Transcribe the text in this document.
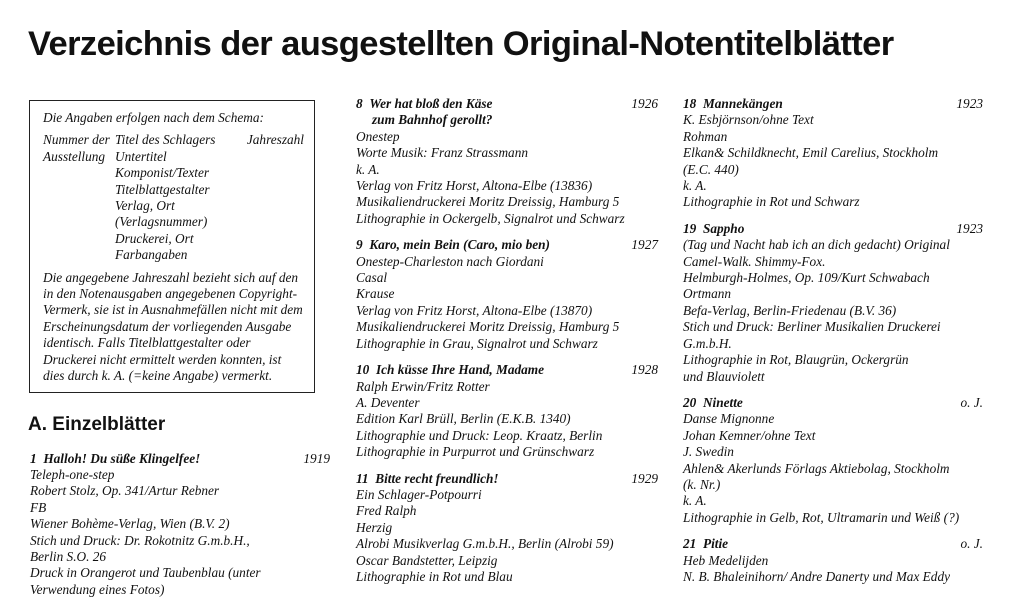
Verzeichnis der ausgestellten Original-Notentitelblätter
Die Angaben erfolgen nach dem Schema:
Nummer der
Ausstellung
Titel des Schlagers
Untertitel
Komponist/Texter
Titelblattgestalter
Verlag, Ort (Verlagsnummer)
Druckerei, Ort
Farbangaben
Jahreszahl
Die angegebene Jahreszahl bezieht sich auf den in den Notenausgaben angegebenen Copyright-Vermerk, sie ist in Ausnahmefällen nicht mit dem Erscheinungsdatum der vorliegenden Ausgabe identisch. Falls Titelblattgestalter oder Druckerei nicht ermittelt werden konnten, ist dies durch k. A. (=keine Angabe) vermerkt.
A. Einzelblätter
1 Halloh! Du süße Klingelfee!	1919
Teleph-one-step
Robert Stolz, Op. 341/Artur Rebner
FB
Wiener Bohème-Verlag, Wien (B.V. 2)
Stich und Druck: Dr. Rokotnitz G.m.b.H.,
Berlin S.O. 26
Druck in Orangerot und Taubenblau (unter
Verwendung eines Fotos)
8 Wer hat bloß den Käse	1926
zum Bahnhof gerollt?
Onestep
Worte Musik: Franz Strassmann
k. A.
Verlag von Fritz Horst, Altona-Elbe (13836)
Musikaliendruckerei Moritz Dreissig, Hamburg 5
Lithographie in Ockergelb, Signalrot und Schwarz
9 Karo, mein Bein (Caro, mio ben)	1927
Onestep-Charleston nach Giordani
Casal
Krause
Verlag von Fritz Horst, Altona-Elbe (13870)
Musikaliendruckerei Moritz Dreissig, Hamburg 5
Lithographie in Grau, Signalrot und Schwarz
10 Ich küsse Ihre Hand, Madame	1928
Ralph Erwin/Fritz Rotter
A. Deventer
Edition Karl Brüll, Berlin (E.K.B. 1340)
Lithographie und Druck: Leop. Kraatz, Berlin
Lithographie in Purpurrot und Grünschwarz
11 Bitte recht freundlich!	1929
Ein Schlager-Potpourri
Fred Ralph
Herzig
Alrobi Musikverlag G.m.b.H., Berlin (Alrobi 59)
Oscar Bandstetter, Leipzig
Lithographie in Rot und Blau
18 Mannekängen	1923
K. Esbjörnson/ohne Text
Rohman
Elkan& Schildknecht, Emil Carelius, Stockholm
(E.C. 440)
k. A.
Lithographie in Rot und Schwarz
19 Sappho	1923
(Tag und Nacht hab ich an dich gedacht) Original
Camel-Walk. Shimmy-Fox.
Helmburgh-Holmes, Op. 109/Kurt Schwabach
Ortmann
Befa-Verlag, Berlin-Friedenau (B.V. 36)
Stich und Druck: Berliner Musikalien Druckerei
G.m.b.H.
Lithographie in Rot, Blaugrün, Ockergrün
und Blauviolett
20 Ninette	o. J.
Danse Mignonne
Johan Kemner/ohne Text
J. Swedin
Ahlen& Akerlunds Förlags Aktiebolag, Stockholm
(k. Nr.)
k. A.
Lithographie in Gelb, Rot, Ultramarin und Weiß (?)
21 Pitie	o. J.
Heb Medelijden
N. B. Bhaleinihorn/ Andre Danerty und Max Eddy
